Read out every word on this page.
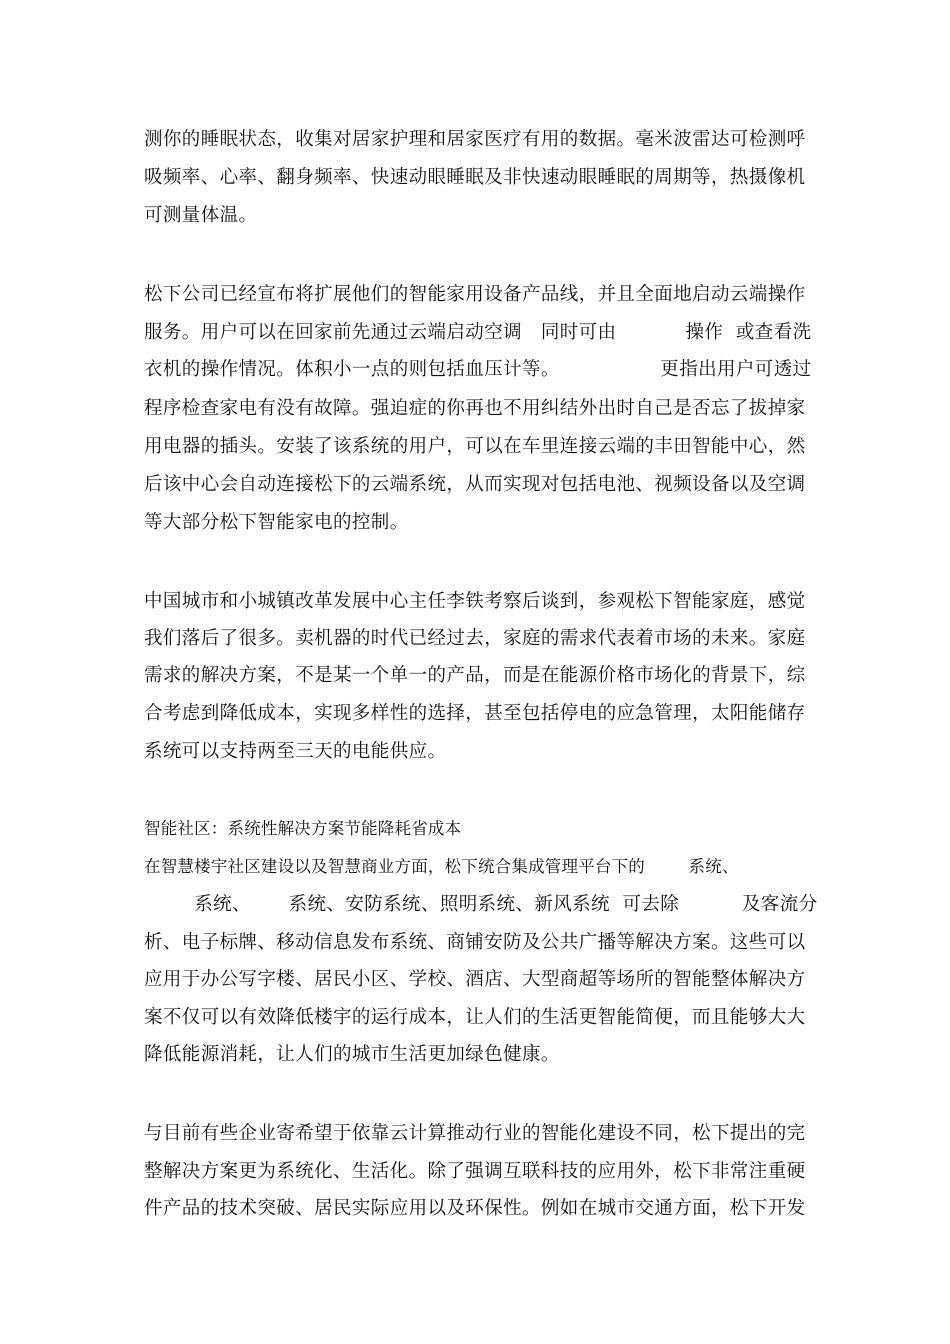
测你的睡眠状态，收集对居家护理和居家医疗有用的数据。毫米波雷达可检测呼
吸频率、心率、翻身频率、快速动眼睡眠及非快速动眼睡眠的周期等，热摄像机
可测量体温。
松下公司已经宣布将扩展他们的智能家用设备产品线，并且全面地启动云端操作
服务。用户可以在回家前先通过云端启动空调   同时可由           操作  或查看洗
衣机的操作情况。体积小一点的则包括血压计等。                更指出用户可透过
程序检查家电有没有故障。强迫症的你再也不用纠结外出时自己是否忘了拔掉家
用电器的插头。安装了该系统的用户，可以在车里连接云端的丰田智能中心，然
后该中心会自动连接松下的云端系统，从而实现对包括电池、视频设备以及空调
等大部分松下智能家电的控制。
中国城市和小城镇改革发展中心主任李铁考察后谈到，参观松下智能家庭，感觉
我们落后了很多。卖机器的时代已经过去，家庭的需求代表着市场的未来。家庭
需求的解决方案，不是某一个单一的产品，而是在能源价格市场化的背景下，综
合考虑到降低成本，实现多样性的选择，甚至包括停电的应急管理，太阳能储存
系统可以支持两至三天的电能供应。
智能社区：系统性解决方案节能降耗省成本
在智慧楼宇社区建设以及智慧商业方面，松下统合集成管理平台下的        系统、
系统、      系统、安防系统、照明系统、新风系统  可去除          及客流分
析、电子标牌、移动信息发布系统、商铺安防及公共广播等解决方案。这些可以
应用于办公写字楼、居民小区、学校、酒店、大型商超等场所的智能整体解决方
案不仅可以有效降低楼宇的运行成本，让人们的生活更智能简便，而且能够大大
降低能源消耗，让人们的城市生活更加绿色健康。
与目前有些企业寄希望于依靠云计算推动行业的智能化建设不同，松下提出的完
整解决方案更为系统化、生活化。除了强调互联科技的应用外，松下非常注重硬
件产品的技术突破、居民实际应用以及环保性。例如在城市交通方面，松下开发
